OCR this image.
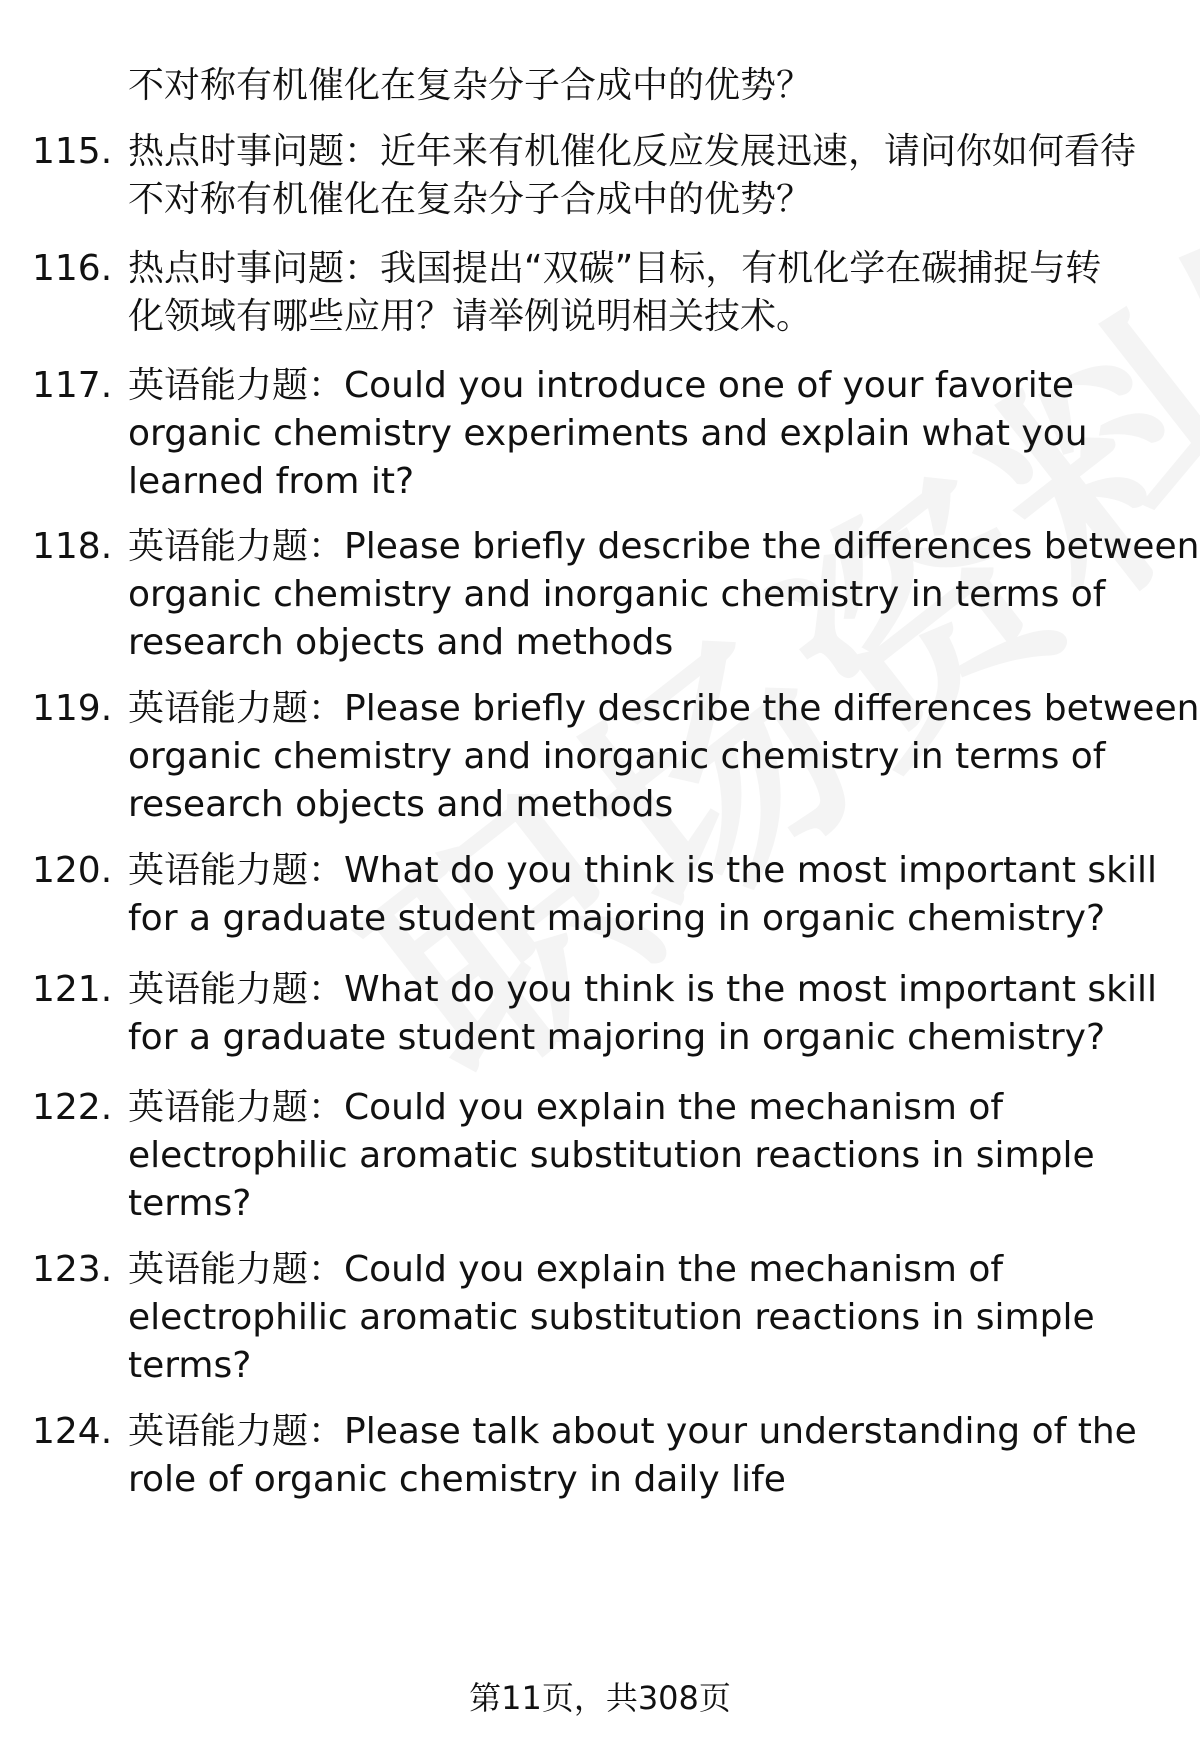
不对称有机催化在复杂分子合成中的优势？
115. 热点时事问题：近年来有机催化反应发展迅速，请问你如何看待
不对称有机催化在复杂分子合成中的优势？
116. 热点时事问题：我国提出“双碳”目标，有机化学在碳捕捉与转
化领域有哪些应用？请举例说明相关技术。
117. 英语能力题：Could you introduce one of your favorite
organic chemistry experiments and explain what you
learned from it?
118. 英语能力题：Please briefly describe the differences between
organic chemistry and inorganic chemistry in terms of
research objects and methods
119. 英语能力题：Please briefly describe the differences between
organic chemistry and inorganic chemistry in terms of
research objects and methods
120. 英语能力题：What do you think is the most important skill
for a graduate student majoring in organic chemistry?
121. 英语能力题：What do you think is the most important skill
for a graduate student majoring in organic chemistry?
122. 英语能力题：Could you explain the mechanism of
electrophilic aromatic substitution reactions in simple
terms?
123. 英语能力题：Could you explain the mechanism of
electrophilic aromatic substitution reactions in simple
terms?
124. 英语能力题：Please talk about your understanding of the
role of organic chemistry in daily life
第11页，共308页
